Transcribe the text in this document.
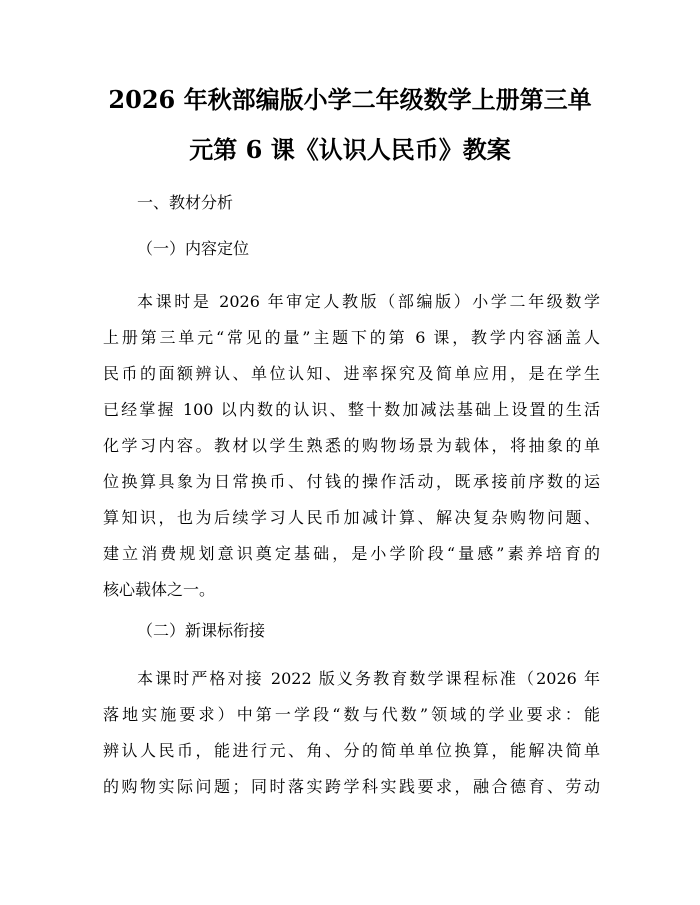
2026 年秋部编版小学二年级数学上册第三单
元第 6 课《认识人民币》教案
一、教材分析
（一）内容定位
本课时是 2026 年审定人教版（部编版）小学二年级数学
上册第三单元“常见的量”主题下的第 6 课，教学内容涵盖人
民币的面额辨认、单位认知、进率探究及简单应用，是在学生
已经掌握 100 以内数的认识、整十数加减法基础上设置的生活
化学习内容。教材以学生熟悉的购物场景为载体，将抽象的单
位换算具象为日常换币、付钱的操作活动，既承接前序数的运
算知识，也为后续学习人民币加减计算、解决复杂购物问题、
建立消费规划意识奠定基础，是小学阶段“量感”素养培育的
核心载体之一。
（二）新课标衔接
本课时严格对接 2022 版义务教育数学课程标准（2026 年
落地实施要求）中第一学段“数与代数”领域的学业要求：能
辨认人民币，能进行元、角、分的简单单位换算，能解决简单
的购物实际问题；同时落实跨学科实践要求，融合德育、劳动
